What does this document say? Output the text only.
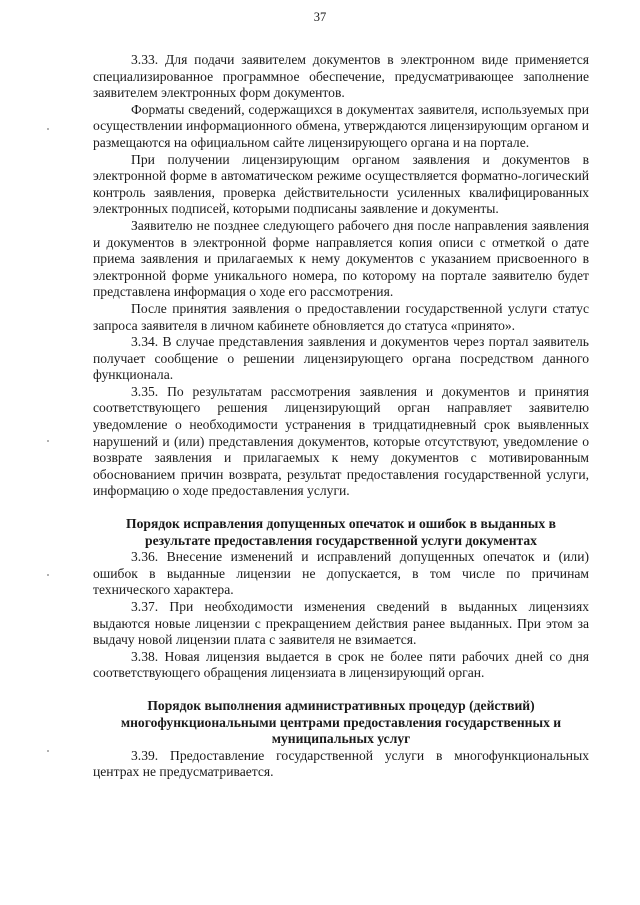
37

3.33. Для подачи заявителем документов в электронном виде применяется специализированное программное обеспечение, предусматривающее заполнение заявителем электронных форм документов.

Форматы сведений, содержащихся в документах заявителя, используемых при осуществлении информационного обмена, утверждаются лицензирующим органом и размещаются на официальном сайте лицензирующего органа и на портале.

При получении лицензирующим органом заявления и документов в электронной форме в автоматическом режиме осуществляется форматно-логический контроль заявления, проверка действительности усиленных квалифицированных электронных подписей, которыми подписаны заявление и документы.

Заявителю не позднее следующего рабочего дня после направления заявления и документов в электронной форме направляется копия описи с отметкой о дате приема заявления и прилагаемых к нему документов с указанием присвоенного в электронной форме уникального номера, по которому на портале заявителю будет представлена информация о ходе его рассмотрения.

После принятия заявления о предоставлении государственной услуги статус запроса заявителя в личном кабинете обновляется до статуса «принято».

3.34. В случае представления заявления и документов через портал заявитель получает сообщение о решении лицензирующего органа посредством данного функционала.

3.35. По результатам рассмотрения заявления и документов и принятия соответствующего решения лицензирующий орган направляет заявителю уведомление о необходимости устранения в тридцатидневный срок выявленных нарушений и (или) представления документов, которые отсутствуют, уведомление о возврате заявления и прилагаемых к нему документов с мотивированным обоснованием причин возврата, результат предоставления государственной услуги, информацию о ходе предоставления услуги.

Порядок исправления допущенных опечаток и ошибок в выданных в результате предоставления государственной услуги документах

3.36. Внесение изменений и исправлений допущенных опечаток и (или) ошибок в выданные лицензии не допускается, в том числе по причинам технического характера.

3.37. При необходимости изменения сведений в выданных лицензиях выдаются новые лицензии с прекращением действия ранее выданных. При этом за выдачу новой лицензии плата с заявителя не взимается.

3.38. Новая лицензия выдается в срок не более пяти рабочих дней со дня соответствующего обращения лицензиата в лицензирующий орган.

Порядок выполнения административных процедур (действий) многофункциональными центрами предоставления государственных и муниципальных услуг

3.39. Предоставление государственной услуги в многофункциональных центрах не предусматривается.
